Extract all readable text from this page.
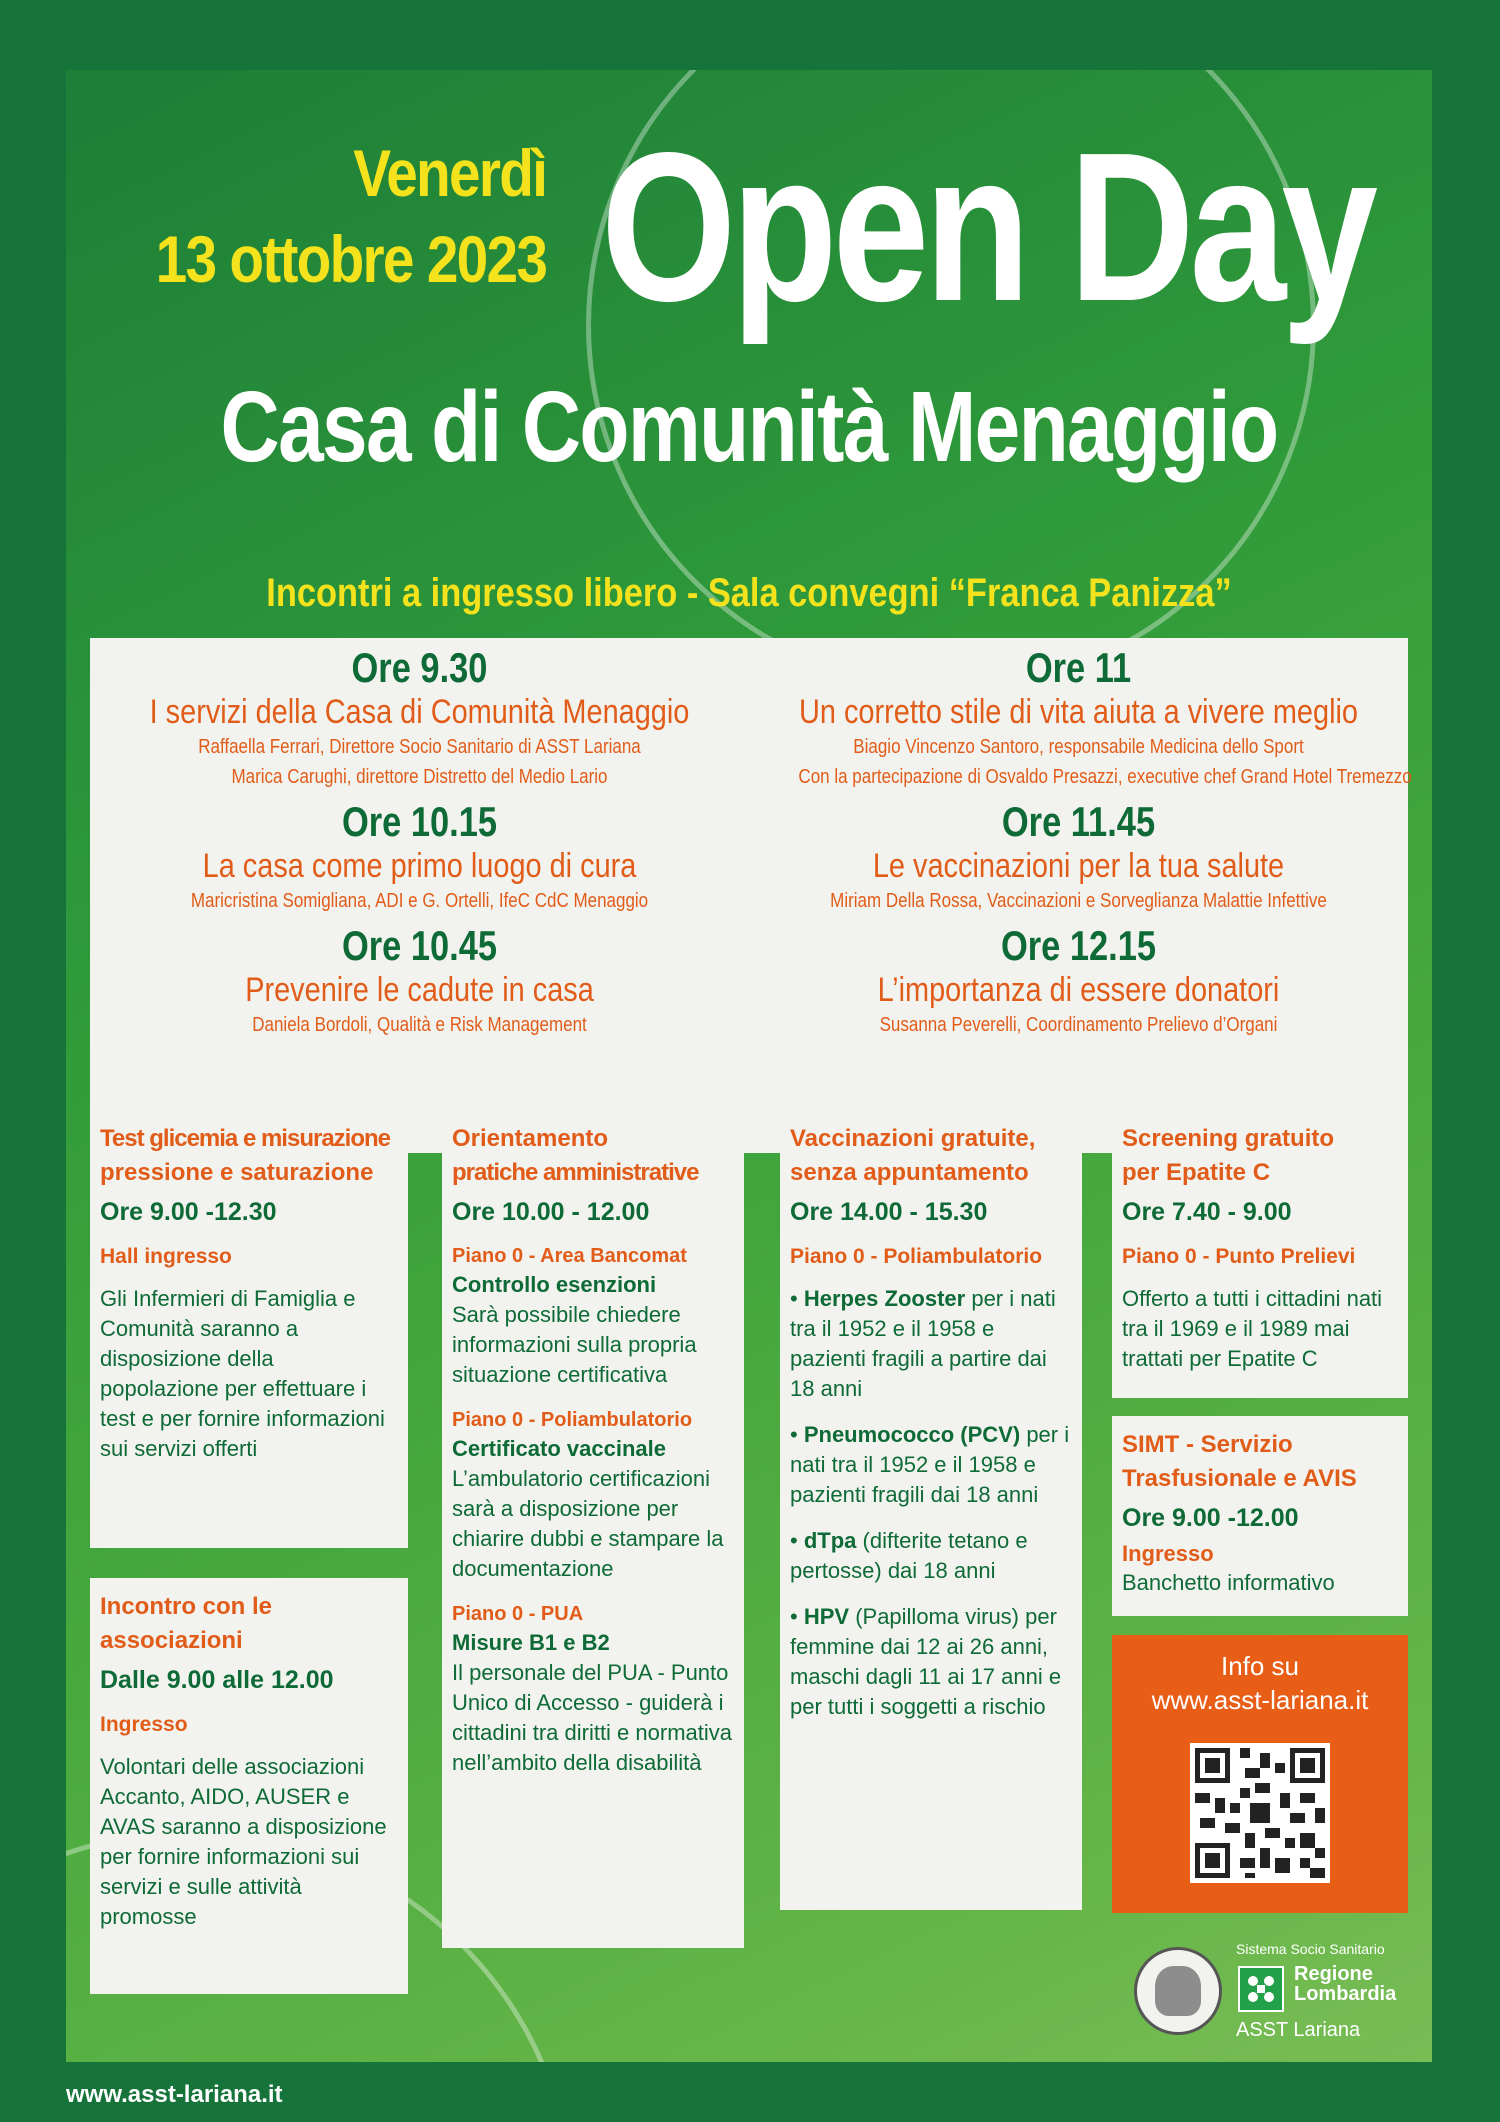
Venerdì
13 ottobre 2023 Open Day
Casa di Comunità Menaggio
Incontri a ingresso libero - Sala convegni “Franca Panizza”
Ore 9.30
I servizi della Casa di Comunità Menaggio
Raffaella Ferrari, Direttore Socio Sanitario di ASST Lariana
Marica Carughi, direttore Distretto del Medio Lario
Ore 10.15
La casa come primo luogo di cura
Maricristina Somigliana, ADI e G. Ortelli, IfeC CdC Menaggio
Ore 10.45
Prevenire le cadute in casa
Daniela Bordoli, Qualità e Risk Management
Ore 11
Un corretto stile di vita aiuta a vivere meglio
Biagio Vincenzo Santoro, responsabile Medicina dello Sport
Con la partecipazione di Osvaldo Presazzi, executive chef Grand Hotel Tremezzo
Ore 11.45
Le vaccinazioni per la tua salute
Miriam Della Rossa, Vaccinazioni e Sorveglianza Malattie Infettive
Ore 12.15
L’importanza di essere donatori
Susanna Peverelli, Coordinamento Prelievo d’Organi
Test glicemia e misurazione
pressione e saturazione
Ore 9.00 -12.30
Hall ingresso
Gli Infermieri di Famiglia e Comunità saranno a disposizione della popolazione per effettuare i test e per fornire informazioni sui servizi offerti
Incontro con le
associazioni
Dalle 9.00 alle 12.00
Ingresso
Volontari delle associazioni Accanto, AIDO, AUSER e AVAS saranno a disposizione per fornire informazioni sui servizi e sulle attività promosse
Orientamento
pratiche amministrative
Ore 10.00 - 12.00
Piano 0 - Area Bancomat
Controllo esenzioni
Sarà possibile chiedere informazioni sulla propria situazione certificativa
Piano 0 - Poliambulatorio
Certificato vaccinale
L’ambulatorio certificazioni sarà a disposizione per chiarire dubbi e stampare la documentazione
Piano 0 - PUA
Misure B1 e B2
Il personale del PUA - Punto Unico di Accesso - guiderà i cittadini tra diritti e normativa nell’ambito della disabilità
Vaccinazioni gratuite,
senza appuntamento
Ore 14.00 - 15.30
Piano 0 - Poliambulatorio
• Herpes Zooster per i nati tra il 1952 e il 1958 e pazienti fragili a partire dai 18 anni
• Pneumococco (PCV) per i nati tra il 1952 e il 1958 e pazienti fragili dai 18 anni
• dTpa (difterite tetano e pertosse) dai 18 anni
• HPV (Papilloma virus) per femmine dai 12 ai 26 anni, maschi dagli 11 ai 17 anni e per tutti i soggetti a rischio
Screening gratuito
per Epatite C
Ore 7.40 - 9.00
Piano 0 - Punto Prelievi
Offerto a tutti i cittadini nati tra il 1969 e il 1989 mai trattati per Epatite C
SIMT - Servizio
Trasfusionale e AVIS
Ore 9.00 -12.00
Ingresso
Banchetto informativo
Info su
www.asst-lariana.it
Sistema Socio Sanitario
Regione
Lombardia
ASST Lariana
www.asst-lariana.it
